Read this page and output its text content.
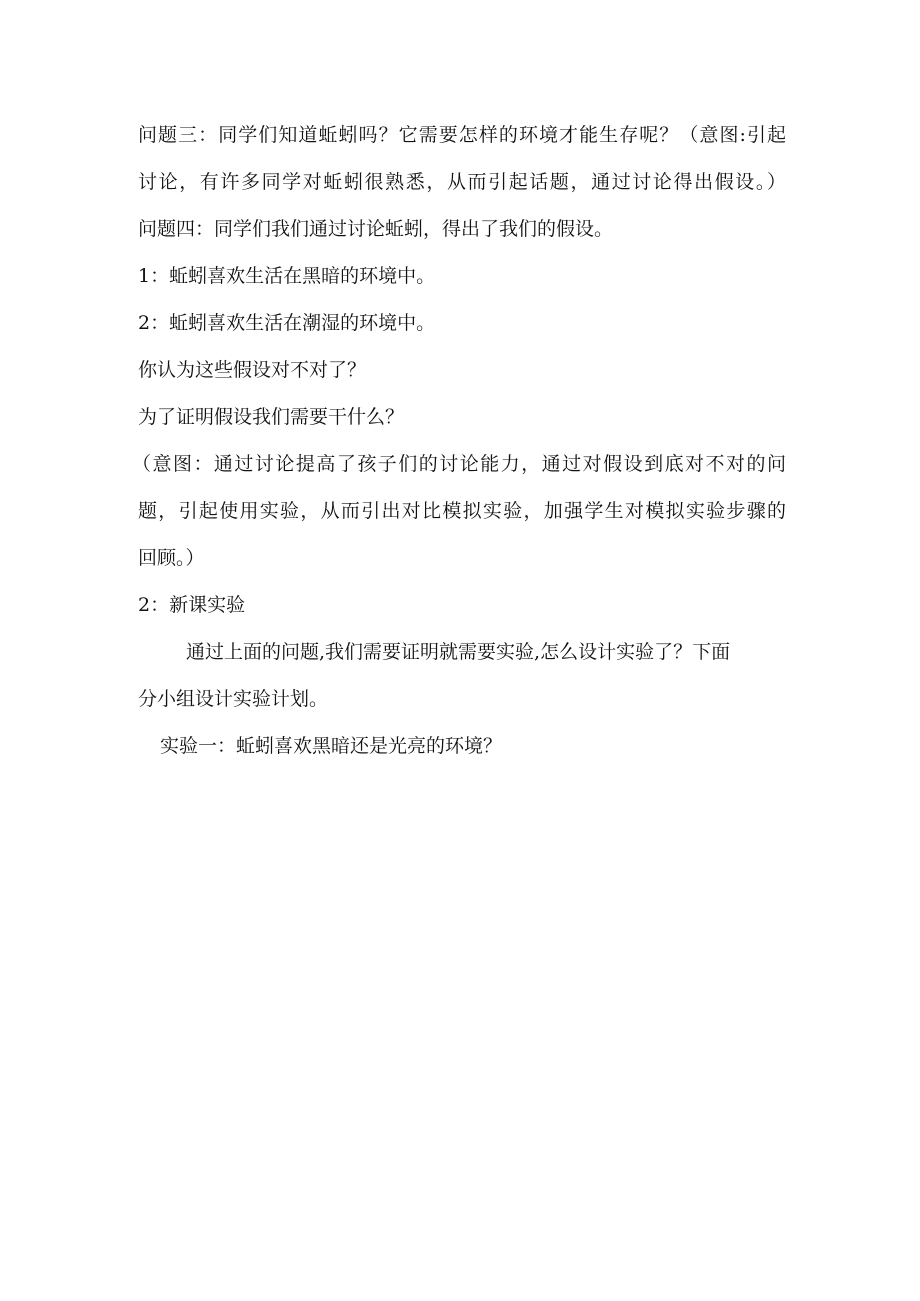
问题三：同学们知道蚯蚓吗？它需要怎样的环境才能生存呢？（意图:引起
讨论，有许多同学对蚯蚓很熟悉，从而引起话题，通过讨论得出假设。）
问题四：同学们我们通过讨论蚯蚓，得出了我们的假设。
1：蚯蚓喜欢生活在黑暗的环境中。
2：蚯蚓喜欢生活在潮湿的环境中。
你认为这些假设对不对了？
为了证明假设我们需要干什么？
（意图：通过讨论提高了孩子们的讨论能力，通过对假设到底对不对的问
题，引起使用实验，从而引出对比模拟实验，加强学生对模拟实验步骤的
回顾。）
2：新课实验
通过上面的问题,我们需要证明就需要实验,怎么设计实验了？下面
分小组设计实验计划。
实验一：蚯蚓喜欢黑暗还是光亮的环境？
